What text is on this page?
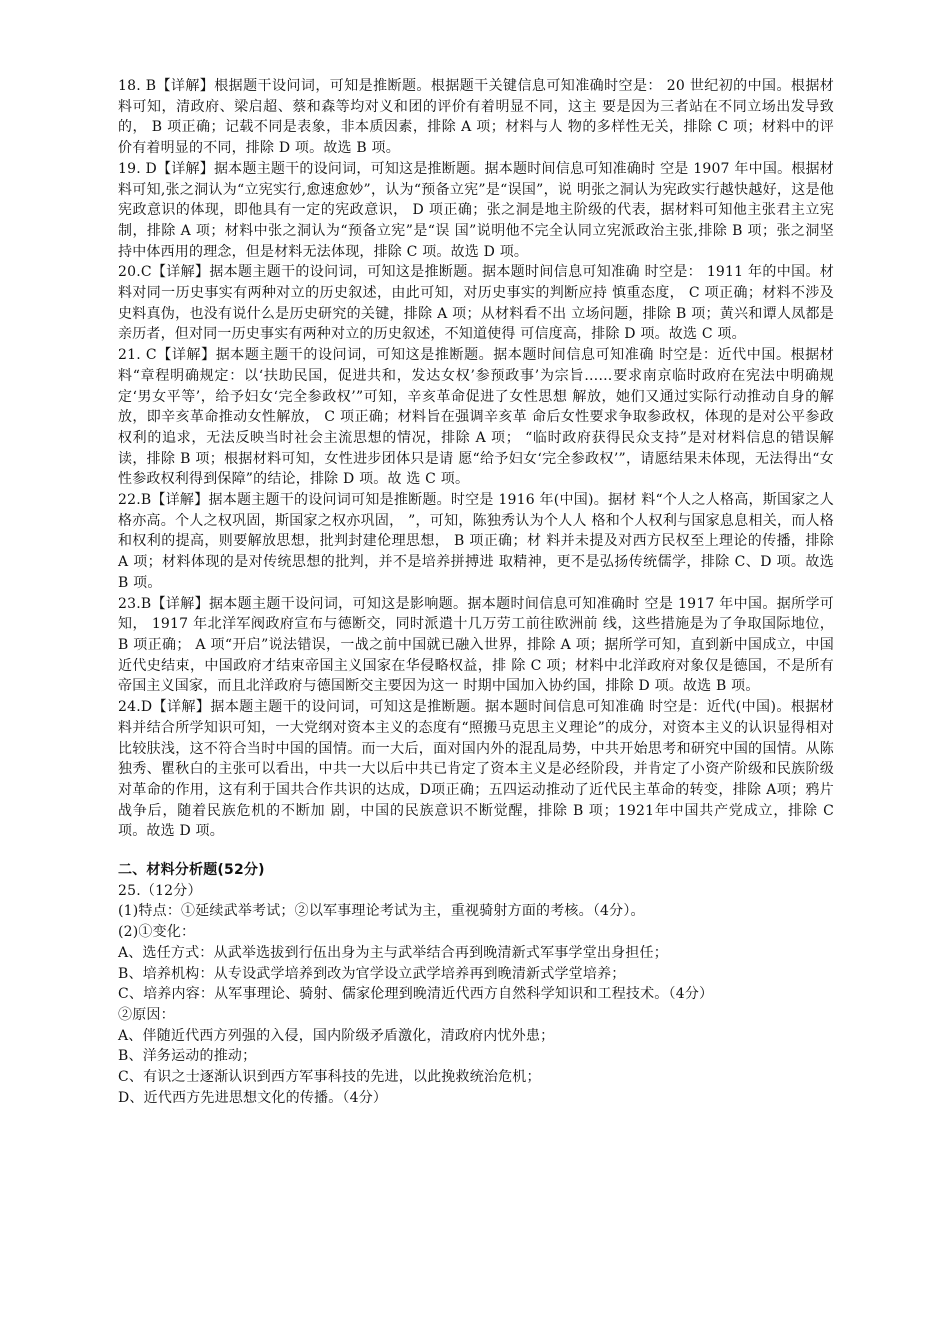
18. B【详解】根据题干设问词，可知是推断题。根据题干关键信息可知准确时空是： 20 世纪初的中国。根据材料可知，清政府、梁启超、蔡和森等均对义和团的评价有着明显不同，这主 要是因为三者站在不同立场出发导致的， B 项正确；记载不同是表象，非本质因素，排除 A 项；材料与人 物的多样性无关，排除 C 项；材料中的评价有着明显的不同，排除 D 项。故选 B 项。

19. D【详解】据本题主题干的设问词，可知这是推断题。据本题时间信息可知准确时 空是 1907 年中国。根据材料可知,张之洞认为“立宪实行,愈速愈妙”，认为“预备立宪”是“误国”，说 明张之洞认为宪政实行越快越好，这是他宪政意识的体现，即他具有一定的宪政意识， D 项正确；张之洞是地主阶级的代表，据材料可知他主张君主立宪制，排除 A 项；材料中张之洞认为“预备立宪”是“误 国”说明他不完全认同立宪派政治主张,排除 B 项；张之洞坚持中体西用的理念，但是材料无法体现，排除 C 项。故选 D 项。

20.C【详解】据本题主题干的设问词，可知这是推断题。据本题时间信息可知准确 时空是： 1911 年的中国。材料对同一历史事实有两种对立的历史叙述，由此可知，对历史事实的判断应持 慎重态度， C 项正确；材料不涉及史料真伪，也没有说什么是历史研究的关键，排除 A 项；从材料看不出 立场问题，排除 B 项；黄兴和谭人凤都是亲历者，但对同一历史事实有两种对立的历史叙述，不知道使得 可信度高，排除 D 项。故选 C 项。

21. C【详解】据本题主题干的设问词，可知这是推断题。据本题时间信息可知准确 时空是：近代中国。根据材料“章程明确规定：以‘扶助民国，促进共和，发达女权’参预政事’为宗旨……要求南京临时政府在宪法中明确规定‘男女平等’，给予妇女‘完全参政权’”可知，辛亥革命促进了女性思想 解放，她们又通过实际行动推动自身的解放，即辛亥革命推动女性解放， C 项正确；材料旨在强调辛亥革 命后女性要求争取参政权，体现的是对公平参政权利的追求，无法反映当时社会主流思想的情况，排除 A 项； “临时政府获得民众支持”是对材料信息的错误解读，排除 B 项；根据材料可知，女性进步团体只是请 愿“给予妇女‘完全参政权’”，请愿结果未体现，无法得出“女性参政权利得到保障”的结论，排除 D 项。故 选 C 项。

22.B【详解】据本题主题干的设问词可知是推断题。时空是 1916 年(中国)。据材 料“个人之人格高，斯国家之人格亦高。个人之权巩固，斯国家之权亦巩固， ”，可知，陈独秀认为个人人 格和个人权利与国家息息相关，而人格和权利的提高，则要解放思想，批判封建伦理思想， B 项正确；材 料并未提及对西方民权至上理论的传播，排除 A 项；材料体现的是对传统思想的批判，并不是培养拼搏进 取精神，更不是弘扬传统儒学，排除 C、D 项。故选 B 项。

23.B【详解】据本题主题干设问词，可知这是影响题。据本题时间信息可知准确时 空是 1917 年中国。据所学可知， 1917 年北洋军阀政府宣布与德断交，同时派遣十几万劳工前往欧洲前 线，这些措施是为了争取国际地位， B 项正确； A 项“开启”说法错误，一战之前中国就已融入世界，排除 A 项；据所学可知，直到新中国成立，中国近代史结束，中国政府才结束帝国主义国家在华侵略权益，排 除 C 项；材料中北洋政府对象仅是德国，不是所有帝国主义国家，而且北洋政府与德国断交主要因为这一 时期中国加入协约国，排除 D 项。故选 B 项。

24.D【详解】据本题主题干的设问词，可知这是推断题。据本题时间信息可知准确 时空是：近代(中国)。根据材料并结合所学知识可知，一大党纲对资本主义的态度有“照搬马克思主义理论”的成分，对资本主义的认识显得相对比较肤浅，这不符合当时中国的国情。而一大后，面对国内外的混乱局势，中共开始思考和研究中国的国情。从陈独秀、瞿秋白的主张可以看出，中共一大以后中共已肯定了资本主义是必经阶段，并肯定了小资产阶级和民族阶级对革命的作用，这有利于国共合作共识的达成，D项正确；五四运动推动了近代民主革命的转变，排除 A项；鸦片战争后，随着民族危机的不断加 剧，中国的民族意识不断觉醒，排除 B 项；1921年中国共产党成立，排除 C 项。故选 D 项。

二、材料分析题(52分)

25.（12分）

(1)特点：①延续武举考试；②以军事理论考试为主，重视骑射方面的考核。（4分）。

(2)①变化：

A、选任方式：从武举选拔到行伍出身为主与武举结合再到晚清新式军事学堂出身担任；

B、培养机构：从专设武学培养到改为官学设立武学培养再到晚清新式学堂培养；

C、培养内容：从军事理论、骑射、儒家伦理到晚清近代西方自然科学知识和工程技术。（4分）

②原因：

A、伴随近代西方列强的入侵，国内阶级矛盾激化，清政府内忧外患；

B、洋务运动的推动；

C、有识之士逐渐认识到西方军事科技的先进，以此挽救统治危机；

D、近代西方先进思想文化的传播。（4分）
